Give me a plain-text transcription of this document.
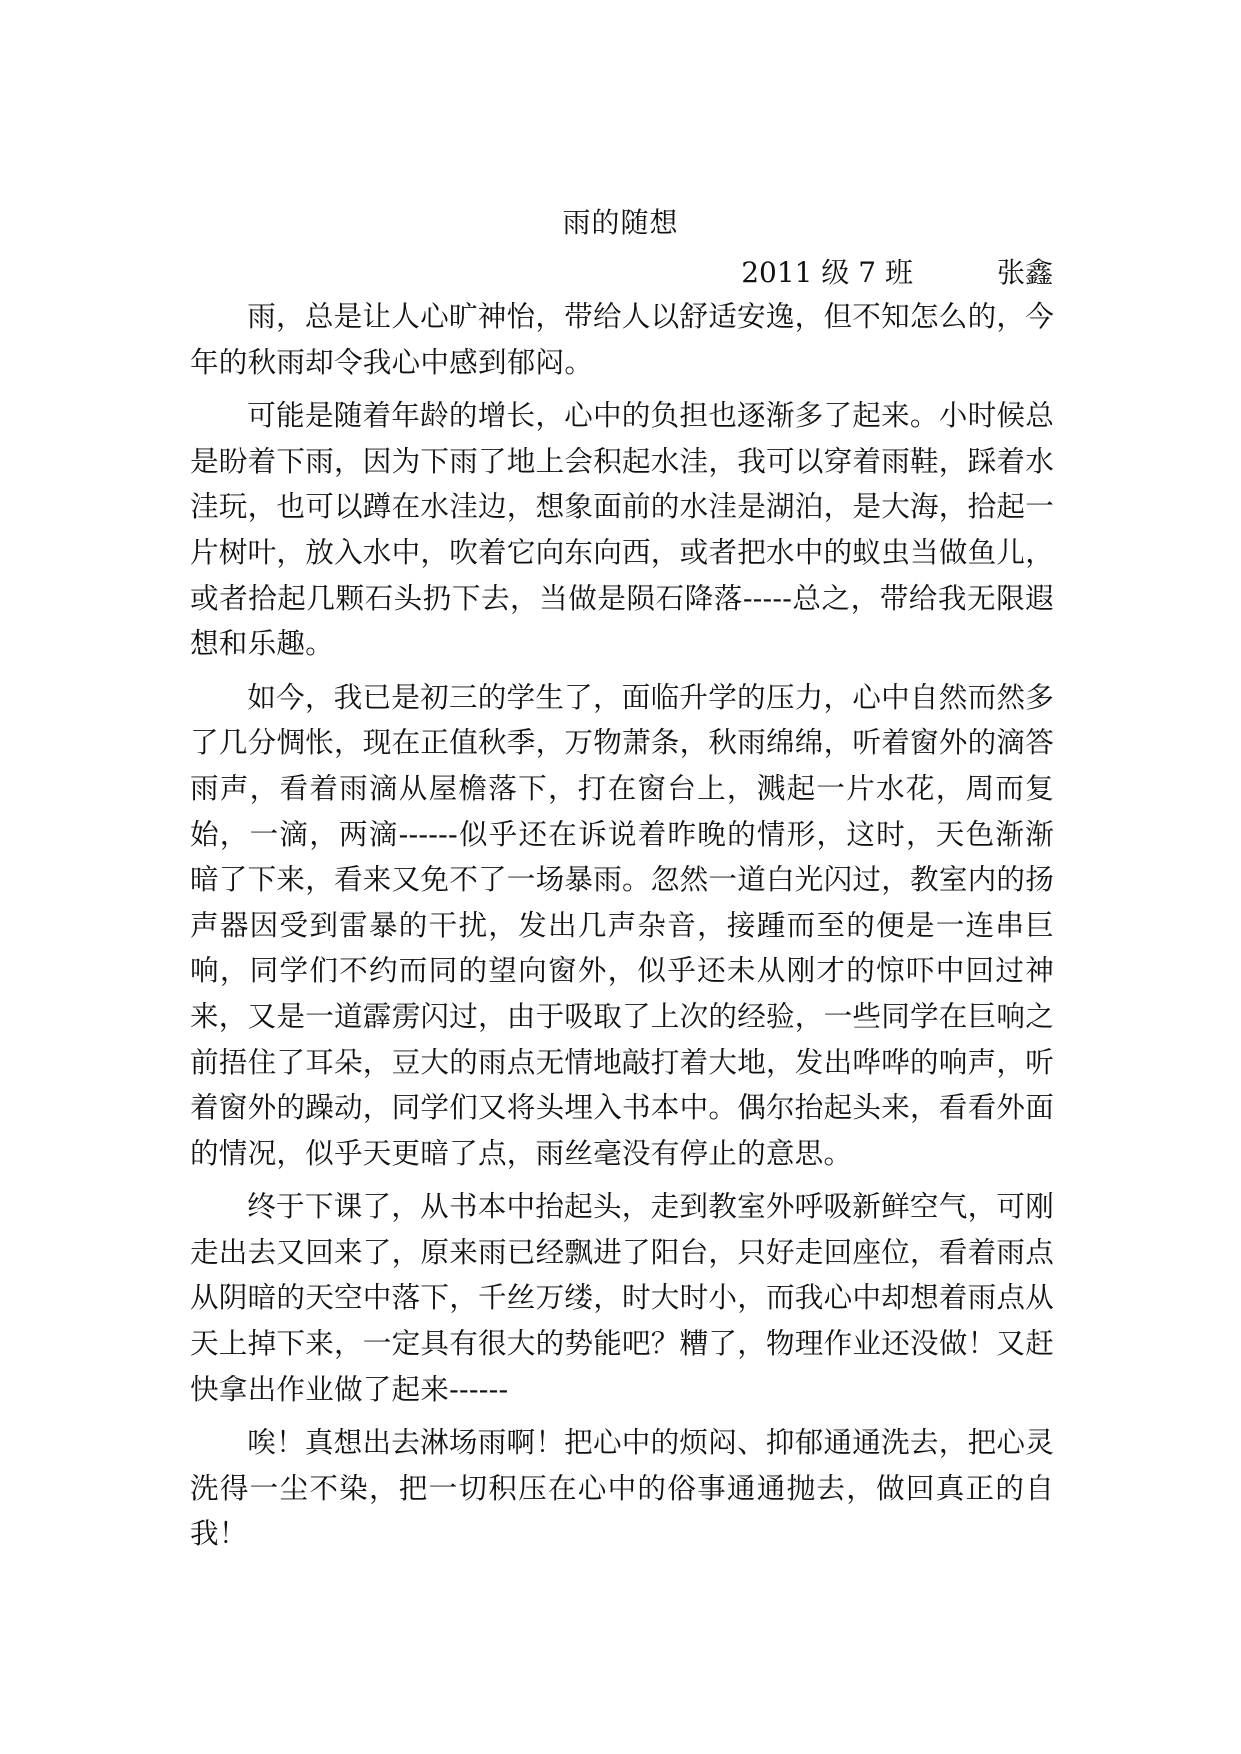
雨的随想
2011 级 7 班	张鑫

雨，总是让人心旷神怡，带给人以舒适安逸，但不知怎么的，今年的秋雨却令我心中感到郁闷。

可能是随着年龄的增长，心中的负担也逐渐多了起来。小时候总是盼着下雨，因为下雨了地上会积起水洼，我可以穿着雨鞋，踩着水洼玩，也可以蹲在水洼边，想象面前的水洼是湖泊，是大海，拾起一片树叶，放入水中，吹着它向东向西，或者把水中的蚁虫当做鱼儿，或者拾起几颗石头扔下去，当做是陨石降落-----总之，带给我无限遐想和乐趣。

如今，我已是初三的学生了，面临升学的压力，心中自然而然多了几分惆怅，现在正值秋季，万物萧条，秋雨绵绵，听着窗外的滴答雨声，看着雨滴从屋檐落下，打在窗台上，溅起一片水花，周而复始，一滴，两滴------似乎还在诉说着昨晚的情形，这时，天色渐渐暗了下来，看来又免不了一场暴雨。忽然一道白光闪过，教室内的扬声器因受到雷暴的干扰，发出几声杂音，接踵而至的便是一连串巨响，同学们不约而同的望向窗外，似乎还未从刚才的惊吓中回过神来，又是一道霹雳闪过，由于吸取了上次的经验，一些同学在巨响之前捂住了耳朵，豆大的雨点无情地敲打着大地，发出哗哗的响声，听着窗外的躁动，同学们又将头埋入书本中。偶尔抬起头来，看看外面的情况，似乎天更暗了点，雨丝毫没有停止的意思。

终于下课了，从书本中抬起头，走到教室外呼吸新鲜空气，可刚走出去又回来了，原来雨已经飘进了阳台，只好走回座位，看着雨点从阴暗的天空中落下，千丝万缕，时大时小，而我心中却想着雨点从天上掉下来，一定具有很大的势能吧？糟了，物理作业还没做！又赶快拿出作业做了起来------

唉！真想出去淋场雨啊！把心中的烦闷、抑郁通通洗去，把心灵洗得一尘不染，把一切积压在心中的俗事通通抛去，做回真正的自我！
